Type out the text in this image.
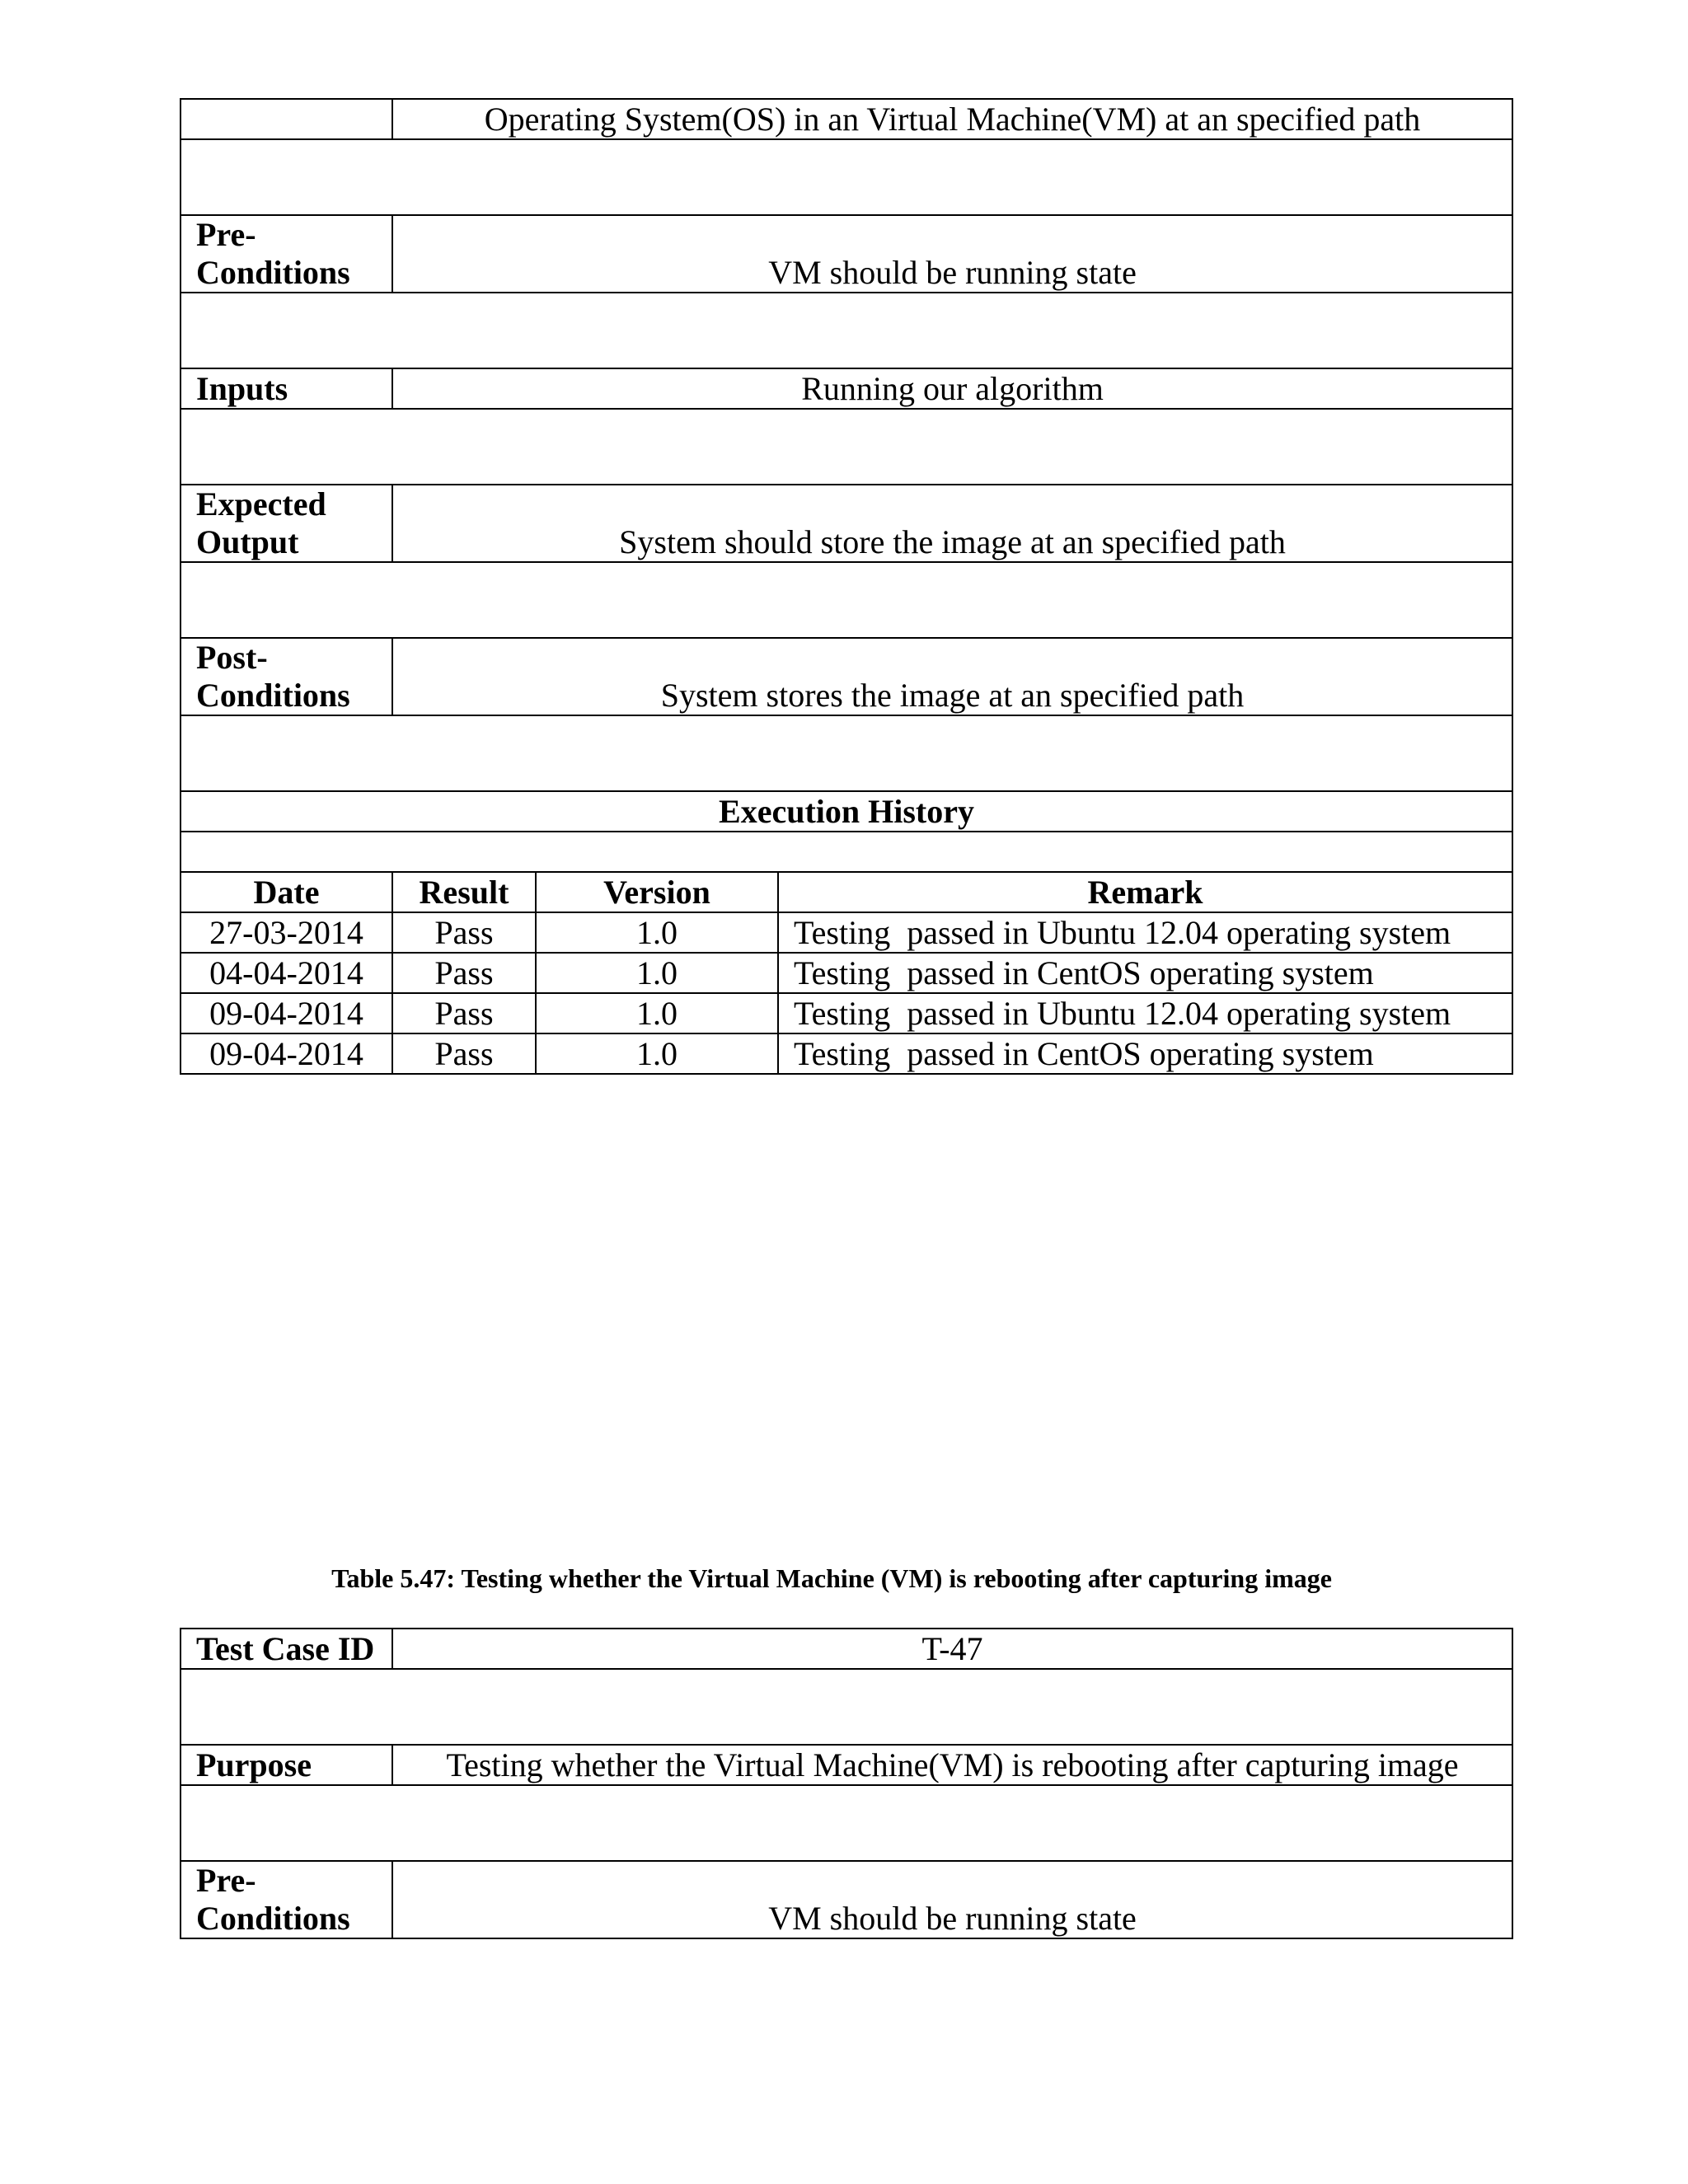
	Operating System(OS) in an Virtual Machine(VM) at an specified path		

Pre-
Conditions	VM should be running state		

Inputs	Running our algorithm		

Expected
Output	System should store the image at an specified path		

Post-
Conditions	System stores the image at an specified path		

Execution History			

Date	Result	Version	Remark
27-03-2014	Pass	1.0	Testing  passed in Ubuntu 12.04 operating system
04-04-2014	Pass	1.0	Testing  passed in CentOS operating system
09-04-2014	Pass	1.0	Testing  passed in Ubuntu 12.04 operating system
09-04-2014	Pass	1.0	Testing  passed in CentOS operating system
Table 5.47: Testing whether the Virtual Machine (VM) is rebooting after capturing image
Test Case ID	T-47

Purpose	Testing whether the Virtual Machine(VM) is rebooting after capturing image

Pre-
Conditions	VM should be running state
